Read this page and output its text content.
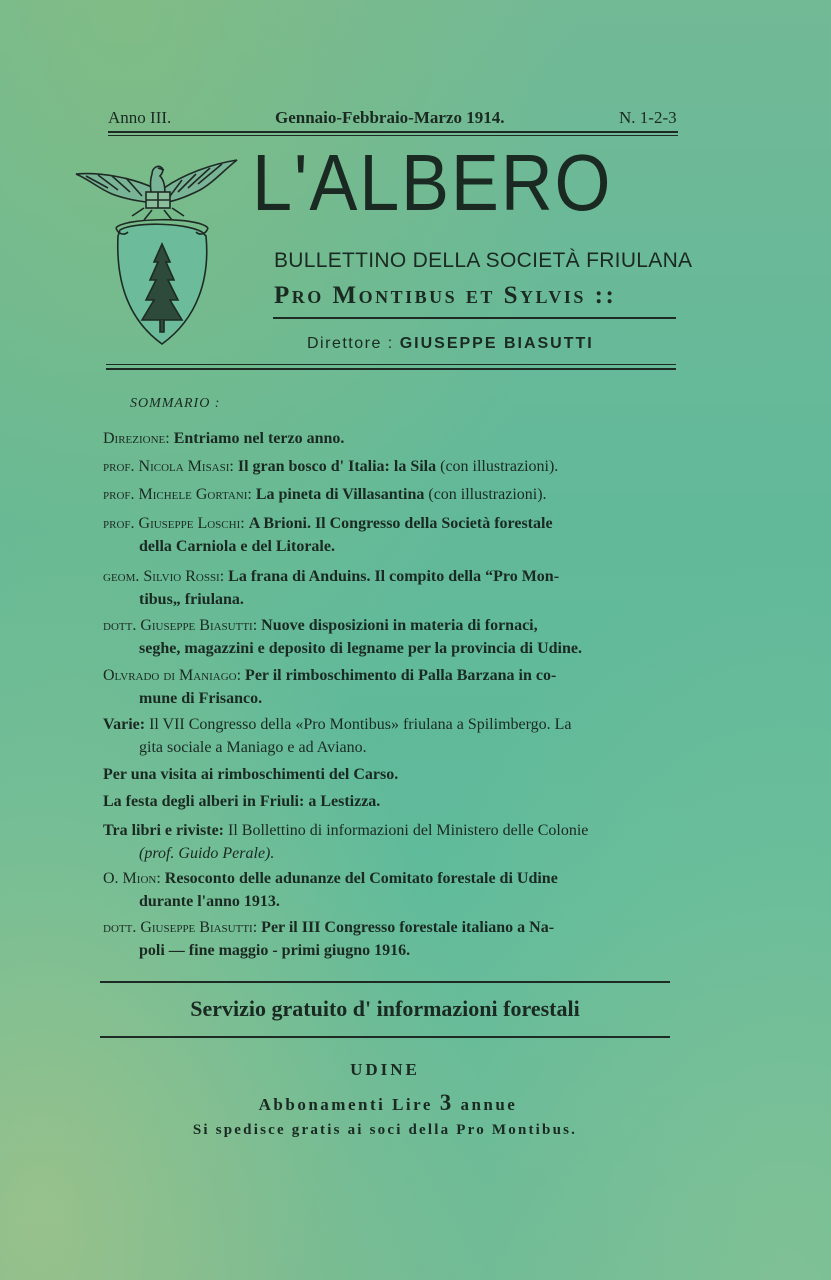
Anno III.	Gennaio-Febbraio-Marzo 1914.	N. 1-2-3
L'ALBERO
BULLETTINO DELLA SOCIETÀ FRIULANA
Pro Montibus et Sylvis ::
Direttore : GIUSEPPE BIASUTTI
SOMMARIO :
Direzione: Entriamo nel terzo anno.
prof. Nicola Misasi: Il gran bosco d' Italia: la Sila (con illustrazioni).
prof. Michele Gortani: La pineta di Villasantina (con illustrazioni).
prof. Giuseppe Loschi: A Brioni. Il Congresso della Società forestale
della Carniola e del Litorale.
geom. Silvio Rossi: La frana di Anduins. Il compito della “Pro Mon-
tibus„ friulana.
dott. Giuseppe Biasutti: Nuove disposizioni in materia di fornaci,
seghe, magazzini e deposito di legname per la provincia di Udine.
Olvrado di Maniago: Per il rimboschimento di Palla Barzana in co-
mune di Frisanco.
Varie: Il VII Congresso della «Pro Montibus» friulana a Spilimbergo. La
gita sociale a Maniago e ad Aviano.
Per una visita ai rimboschimenti del Carso.
La festa degli alberi in Friuli: a Lestizza.
Tra libri e riviste: Il Bollettino di informazioni del Ministero delle Colonie
(prof. Guido Perale).
O. Mion: Resoconto delle adunanze del Comitato forestale di Udine
durante l'anno 1913.
dott. Giuseppe Biasutti: Per il III Congresso forestale italiano a Na-
poli — fine maggio - primi giugno 1916.
Servizio gratuito d' informazioni forestali
UDINE
Abbonamenti Lire 3 annue
Si spedisce gratis ai soci della Pro Montibus.
